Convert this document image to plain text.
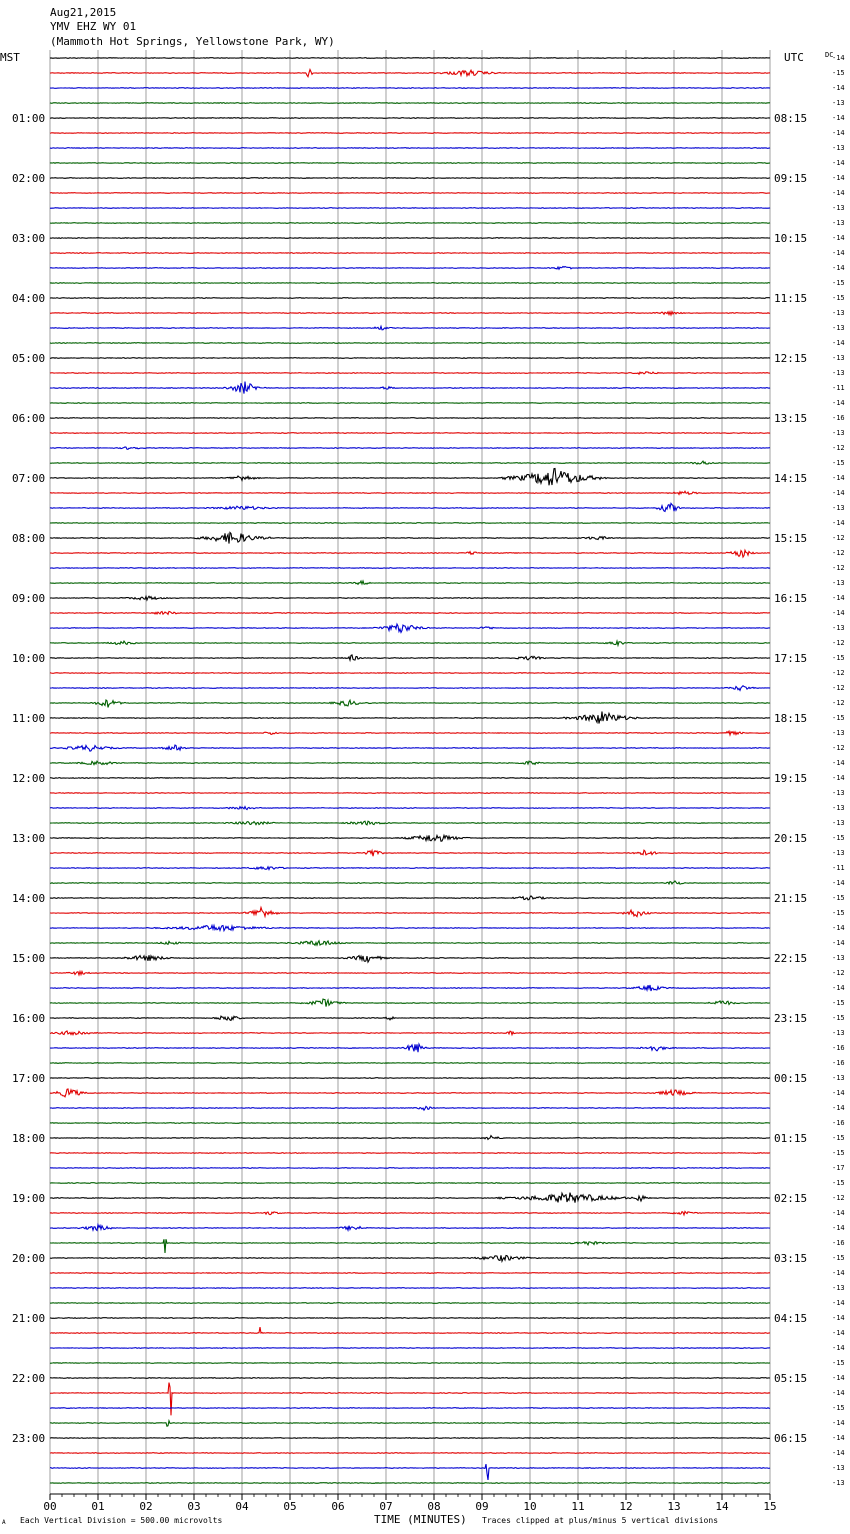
Aug21,2015
YMV EHZ WY 01
(Mammoth Hot Springs, Yellowstone Park, WY)
MST	UTC	DC
01:00
02:00
03:00
04:00
05:00
06:00
07:00
08:00
09:00
10:00
11:00
12:00
13:00
14:00
15:00
16:00
17:00
18:00
19:00
20:00
21:00
22:00
23:00
08:15
09:15
10:15
11:15
12:15
13:15
14:15
15:15
16:15
17:15
18:15
19:15
20:15
21:15
22:15
23:15
00:15
01:15
02:15
03:15
04:15
05:15
06:15
-14
-15
-14
-13
-14
-14
-13
-14
-14
-14
-13
-13
-14
-14
-14
-15
-15
-13
-13
-14
-13
-13
-11
-14
-16
-13
-12
-15
-14
-14
-13
-14
-12
-12
-12
-13
-14
-14
-13
-12
-15
-12
-12
-12
-15
-13
-12
-14
-14
-13
-13
-13
-15
-13
-11
-14
-15
-15
-14
-14
-13
-12
-14
-15
-15
-13
-16
-16
-13
-14
-14
-16
-15
-15
-17
-15
-12
-14
-14
-16
-15
-14
-13
-14
-14
-14
-14
-15
-14
-14
-15
-14
-14
-14
-13
-13
00	01	02	03	04	05	06	07	08	09	10	11	12	13	14	15
TIME (MINUTES)
A Each Vertical Division = 500.00 microvolts	Traces clipped at plus/minus 5 vertical divisions
